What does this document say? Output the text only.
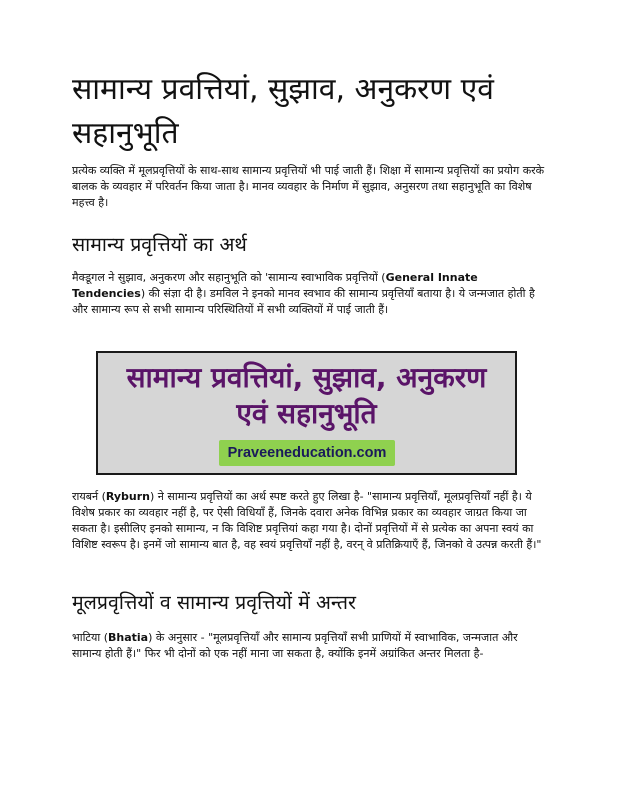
सामान्य प्रवत्तियां, सुझाव, अनुकरण एवं सहानुभूति

प्रत्येक व्यक्ति में मूलप्रवृत्तियों के साथ-साथ सामान्य प्रवृत्तियों भी पाई जाती हैं। शिक्षा में सामान्य प्रवृत्तियों का प्रयोग करके बालक के व्यवहार में परिवर्तन किया जाता है। मानव व्यवहार के निर्माण में सुझाव, अनुसरण तथा सहानुभूति का विशेष महत्त्व है।

सामान्य प्रवृत्तियों का अर्थ

मैक्डूगल ने सुझाव, अनुकरण और सहानुभूति को 'सामान्य स्वाभाविक प्रवृत्तियों (General Innate Tendencies) की संज्ञा दी है। डमविल ने इनको मानव स्वभाव की सामान्य प्रवृत्तियाँ बताया है। ये जन्मजात होती है और सामान्य रूप से सभी सामान्य परिस्थितियों में सभी व्यक्तियों में पाई जाती हैं।

सामान्य प्रवत्तियां, सुझाव, अनुकरण
एवं सहानुभूति
Praveeneducation.com

रायबर्न (Ryburn) ने सामान्य प्रवृत्तियों का अर्थ स्पष्ट करते हुए लिखा है- "सामान्य प्रवृत्तियाँ, मूलप्रवृत्तियाँ नहीं है। ये विशेष प्रकार का व्यवहार नहीं है, पर ऐसी विधियाँ हैं, जिनके दवारा अनेक विभिन्न प्रकार का व्यवहार जाग्रत किया जा सकता है। इसीलिए इनको सामान्य, न कि विशिष्ट प्रवृत्तियां कहा गया है। दोनों प्रवृत्तियों में से प्रत्येक का अपना स्वयं का विशिष्ट स्वरूप है। इनमें जो सामान्य बात है, वह स्वयं प्रवृत्तियाँ नहीं है, वरन् वे प्रतिक्रियाएँ हैं, जिनको वे उत्पन्न करती हैं।"

मूलप्रवृत्तियों व सामान्य प्रवृत्तियों में अन्तर

भाटिया (Bhatia) के अनुसार - "मूलप्रवृत्तियाँ और सामान्य प्रवृत्तियाँ सभी प्राणियों में स्वाभाविक, जन्मजात और सामान्य होती हैं।" फिर भी दोनों को एक नहीं माना जा सकता है, क्योंकि इनमें अग्रांकित अन्तर मिलता है-
